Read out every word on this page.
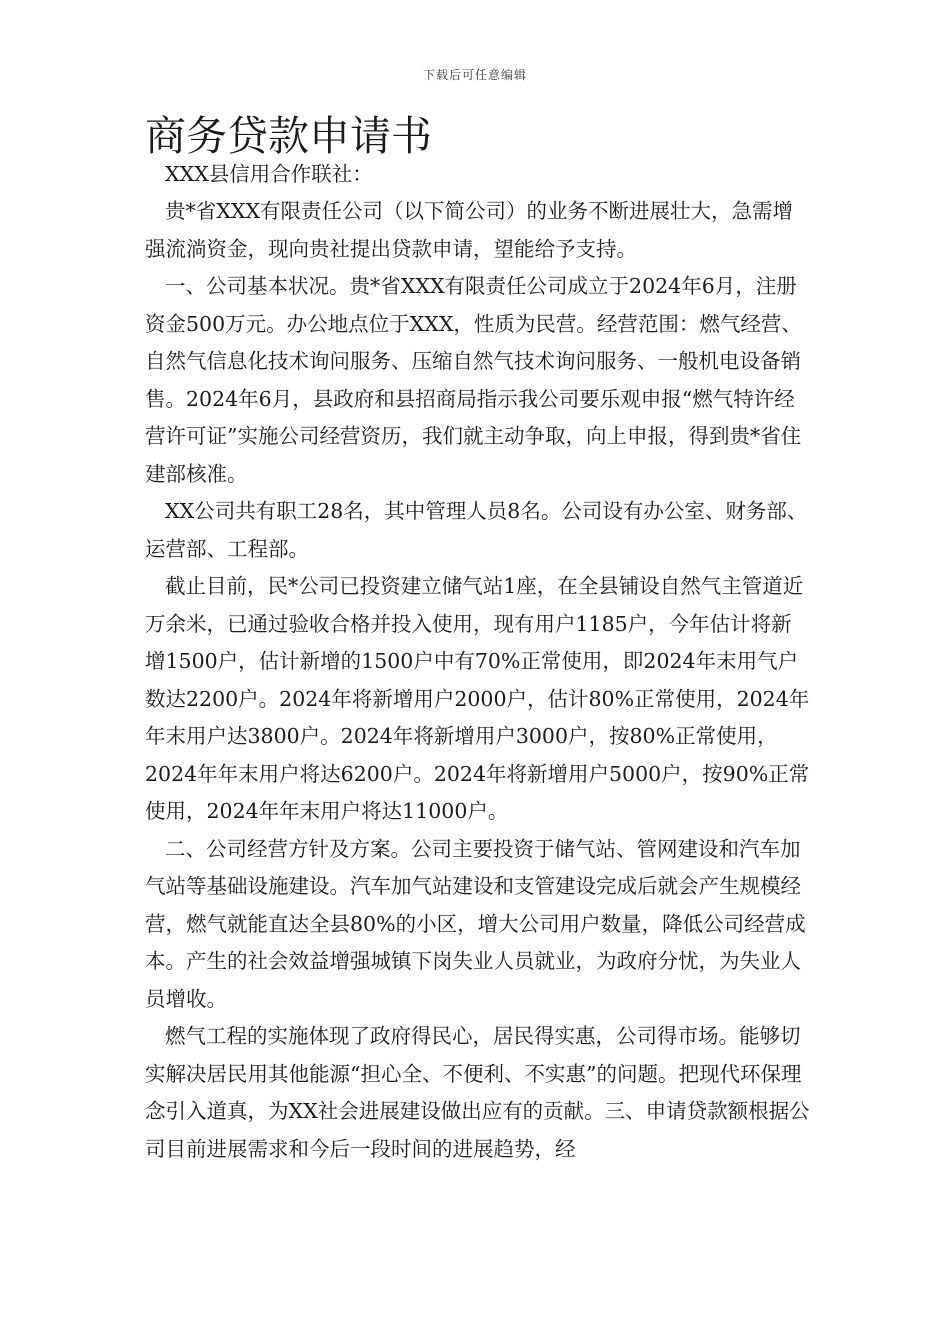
下载后可任意编辑
商务贷款申请书

XXX县信用合作联社：

贵*省XXX有限责任公司（以下简公司）的业务不断进展壮大，急需增强流淌资金，现向贵社提出贷款申请，望能给予支持。

一、公司基本状况。贵*省XXX有限责任公司成立于2024年6月，注册资金500万元。办公地点位于XXX，性质为民营。经营范围：燃气经营、自然气信息化技术询问服务、压缩自然气技术询问服务、一般机电设备销售。2024年6月，县政府和县招商局指示我公司要乐观申报“燃气特许经营许可证”实施公司经营资历，我们就主动争取，向上申报，得到贵*省住建部核准。

XX公司共有职工28名，其中管理人员8名。公司设有办公室、财务部、运营部、工程部。

截止目前，民*公司已投资建立储气站1座，在全县铺设自然气主管道近万余米，已通过验收合格并投入使用，现有用户1185户，今年估计将新增1500户，估计新增的1500户中有70%正常使用，即2024年末用气户数达2200户。2024年将新增用户2000户，估计80%正常使用，2024年年末用户达3800户。2024年将新增用户3000户，按80%正常使用，2024年年末用户将达6200户。2024年将新增用户5000户，按90%正常使用，2024年年末用户将达11000户。

二、公司经营方针及方案。公司主要投资于储气站、管网建设和汽车加气站等基础设施建设。汽车加气站建设和支管建设完成后就会产生规模经营，燃气就能直达全县80%的小区，增大公司用户数量，降低公司经营成本。产生的社会效益增强城镇下岗失业人员就业，为政府分忧，为失业人员增收。

燃气工程的实施体现了政府得民心，居民得实惠，公司得市场。能够切实解决居民用其他能源“担心全、不便利、不实惠”的问题。把现代环保理念引入道真，为XX社会进展建设做出应有的贡献。三、申请贷款额根据公司目前进展需求和今后一段时间的进展趋势，经
